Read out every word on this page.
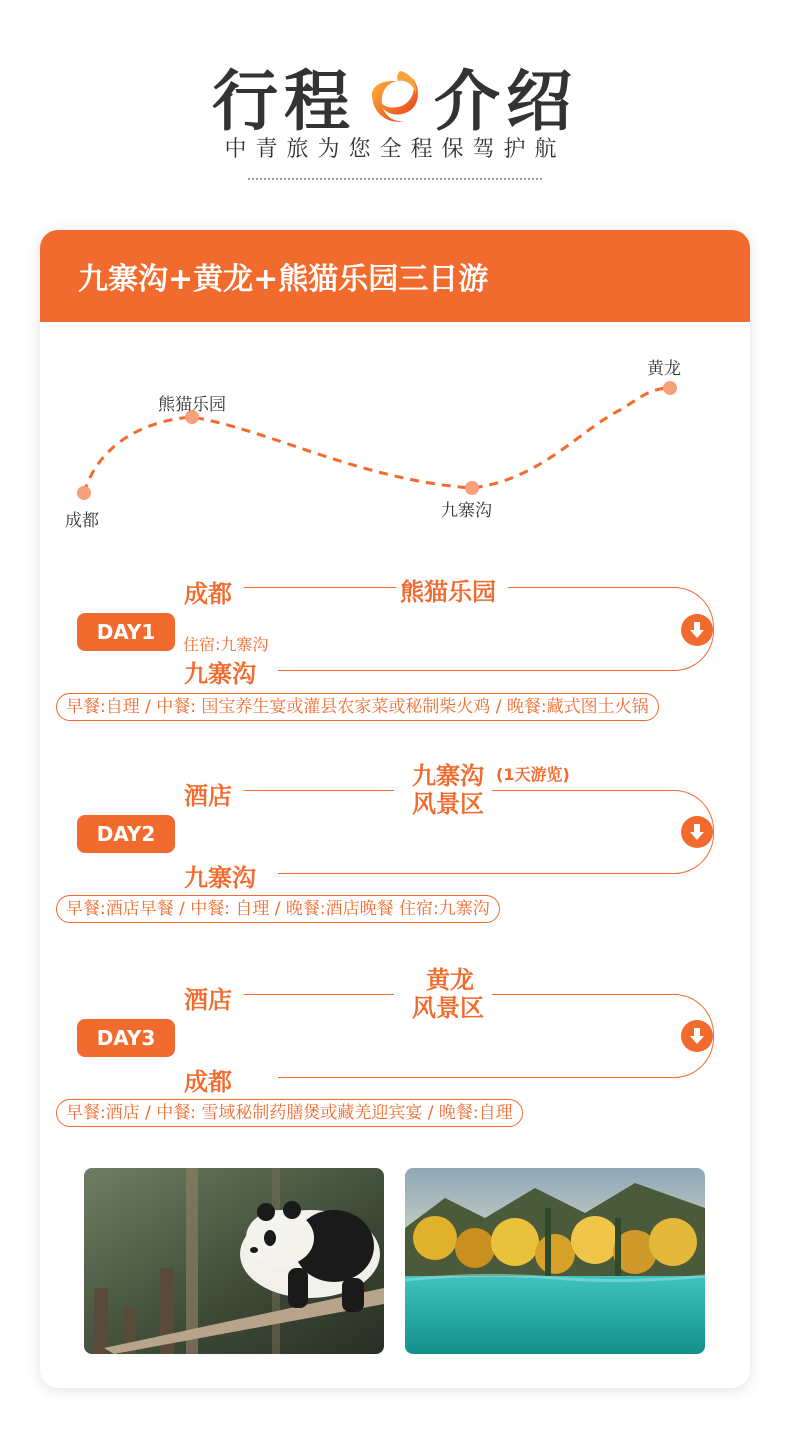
行程 介绍
中青旅为您全程保驾护航
九寨沟+黄龙+熊猫乐园三日游
成都
熊猫乐园
九寨沟
黄龙
成都	熊猫乐园
DAY1
住宿:九寨沟
九寨沟
早餐:自理 / 中餐: 国宝养生宴或灌县农家菜或秘制柴火鸡 / 晚餐:藏式图土火锅
酒店
九寨沟 (1天游览)
风景区
DAY2
九寨沟
早餐:酒店早餐 / 中餐: 自理 / 晚餐:酒店晚餐 住宿:九寨沟
酒店
黄龙
风景区
DAY3
成都
早餐:酒店 / 中餐: 雪域秘制药膳煲或藏羌迎宾宴 / 晚餐:自理
